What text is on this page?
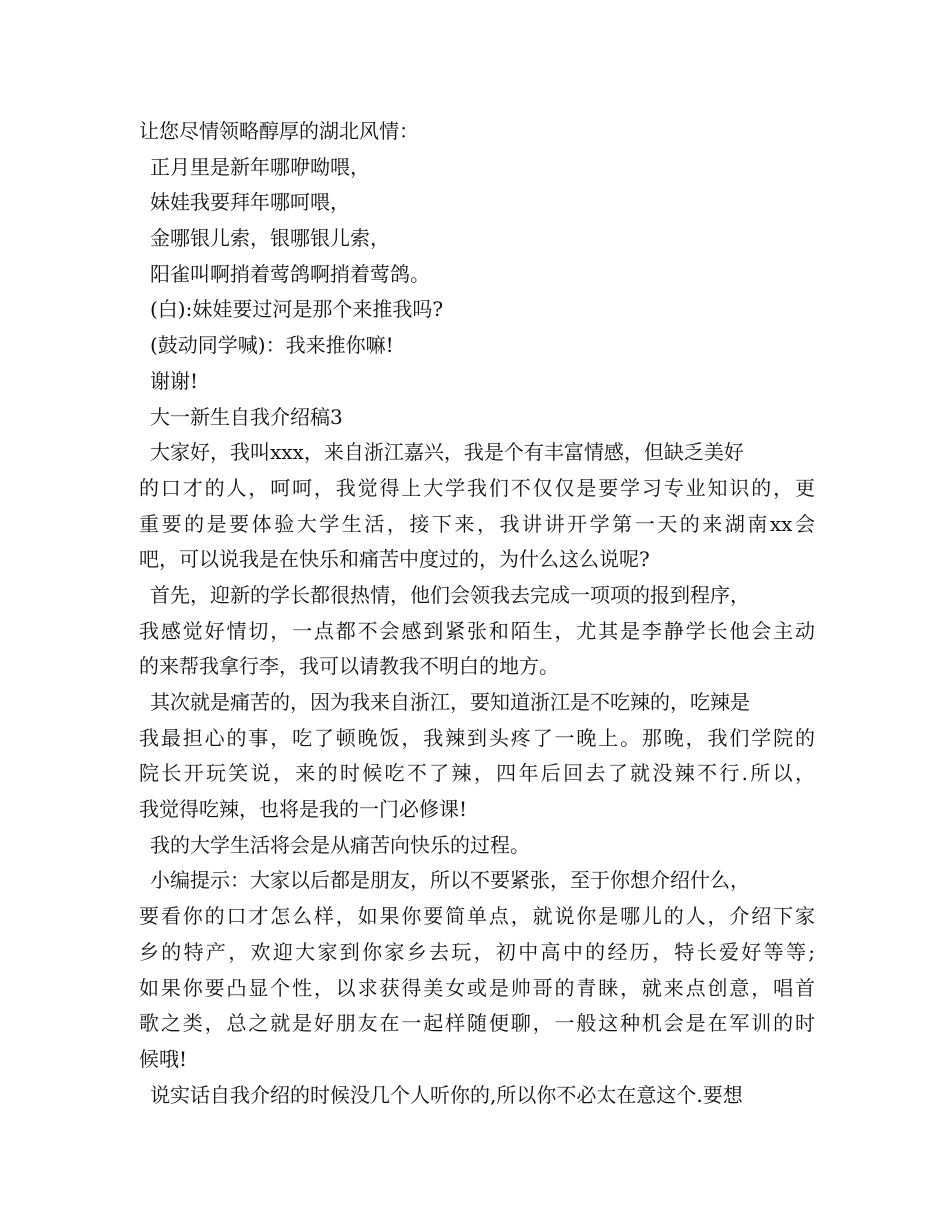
让您尽情领略醇厚的湖北风情：
正月里是新年哪咿呦喂，
妹娃我要拜年哪呵喂，
金哪银儿索，银哪银儿索，
阳雀叫啊捎着莺鸽啊捎着莺鸽。
(白):妹娃要过河是那个来推我吗?
(鼓动同学喊)：我来推你嘛!
谢谢!
大一新生自我介绍稿3
大家好，我叫xxx，来自浙江嘉兴，我是个有丰富情感，但缺乏美好
的口才的人，呵呵，我觉得上大学我们不仅仅是要学习专业知识的，更
重要的是要体验大学生活，接下来，我讲讲开学第一天的来湖南xx会
吧，可以说我是在快乐和痛苦中度过的，为什么这么说呢?
首先，迎新的学长都很热情，他们会领我去完成一项项的报到程序，
我感觉好情切，一点都不会感到紧张和陌生，尤其是李静学长他会主动
的来帮我拿行李，我可以请教我不明白的地方。
其次就是痛苦的，因为我来自浙江，要知道浙江是不吃辣的，吃辣是
我最担心的事，吃了顿晚饭，我辣到头疼了一晚上。那晚，我们学院的
院长开玩笑说，来的时候吃不了辣，四年后回去了就没辣不行.所以，
我觉得吃辣，也将是我的一门必修课!
我的大学生活将会是从痛苦向快乐的过程。
小编提示：大家以后都是朋友，所以不要紧张，至于你想介绍什么，
要看你的口才怎么样，如果你要简单点，就说你是哪儿的人，介绍下家
乡的特产，欢迎大家到你家乡去玩，初中高中的经历，特长爱好等等;
如果你要凸显个性，以求获得美女或是帅哥的青睐，就来点创意，唱首
歌之类，总之就是好朋友在一起样随便聊，一般这种机会是在军训的时
候哦!
说实话自我介绍的时候没几个人听你的,所以你不必太在意这个.要想
